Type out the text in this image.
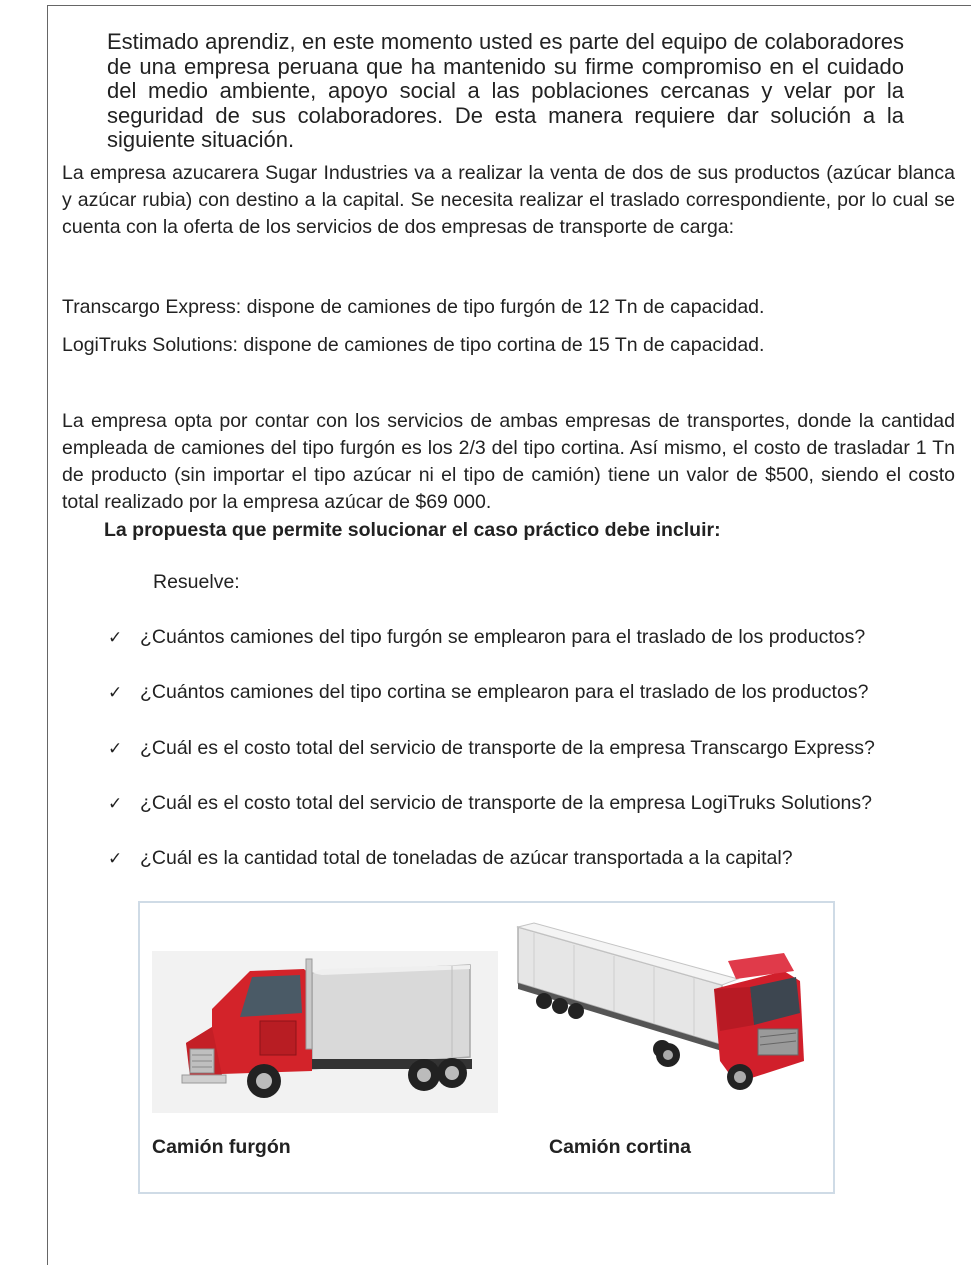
Estimado aprendiz, en este momento usted es parte del equipo de colaboradores de una empresa peruana que ha mantenido su firme compromiso en el cuidado del medio ambiente, apoyo social a las poblaciones cercanas y velar por la seguridad de sus colaboradores. De esta manera requiere dar solución a la siguiente situación.
La empresa azucarera Sugar Industries va a realizar la venta de dos de sus productos (azúcar blanca y azúcar rubia) con destino a la capital. Se necesita realizar el traslado correspondiente, por lo cual se cuenta con la oferta de los servicios de dos empresas de transporte de carga:
Transcargo Express: dispone de camiones de tipo furgón de 12 Tn de capacidad.
LogiTruks Solutions: dispone de camiones de tipo cortina de 15 Tn de capacidad.
La empresa opta por contar con los servicios de ambas empresas de transportes, donde la cantidad empleada de camiones del tipo furgón es los 2/3 del tipo cortina. Así mismo, el costo de trasladar 1 Tn de producto (sin importar el tipo azúcar ni el tipo de camión) tiene un valor de $500, siendo el costo total realizado por la empresa azúcar de $69 000.
La propuesta que permite solucionar el caso práctico debe incluir:
Resuelve:
✓ ¿Cuántos camiones del tipo furgón se emplearon para el traslado de los productos?
✓ ¿Cuántos camiones del tipo cortina se emplearon para el traslado de los productos?
✓ ¿Cuál es el costo total del servicio de transporte de la empresa Transcargo Express?
✓ ¿Cuál es el costo total del servicio de transporte de la empresa LogiTruks Solutions?
✓ ¿Cuál es la cantidad total de toneladas de azúcar transportada a la capital?
Camión furgón	Camión cortina
